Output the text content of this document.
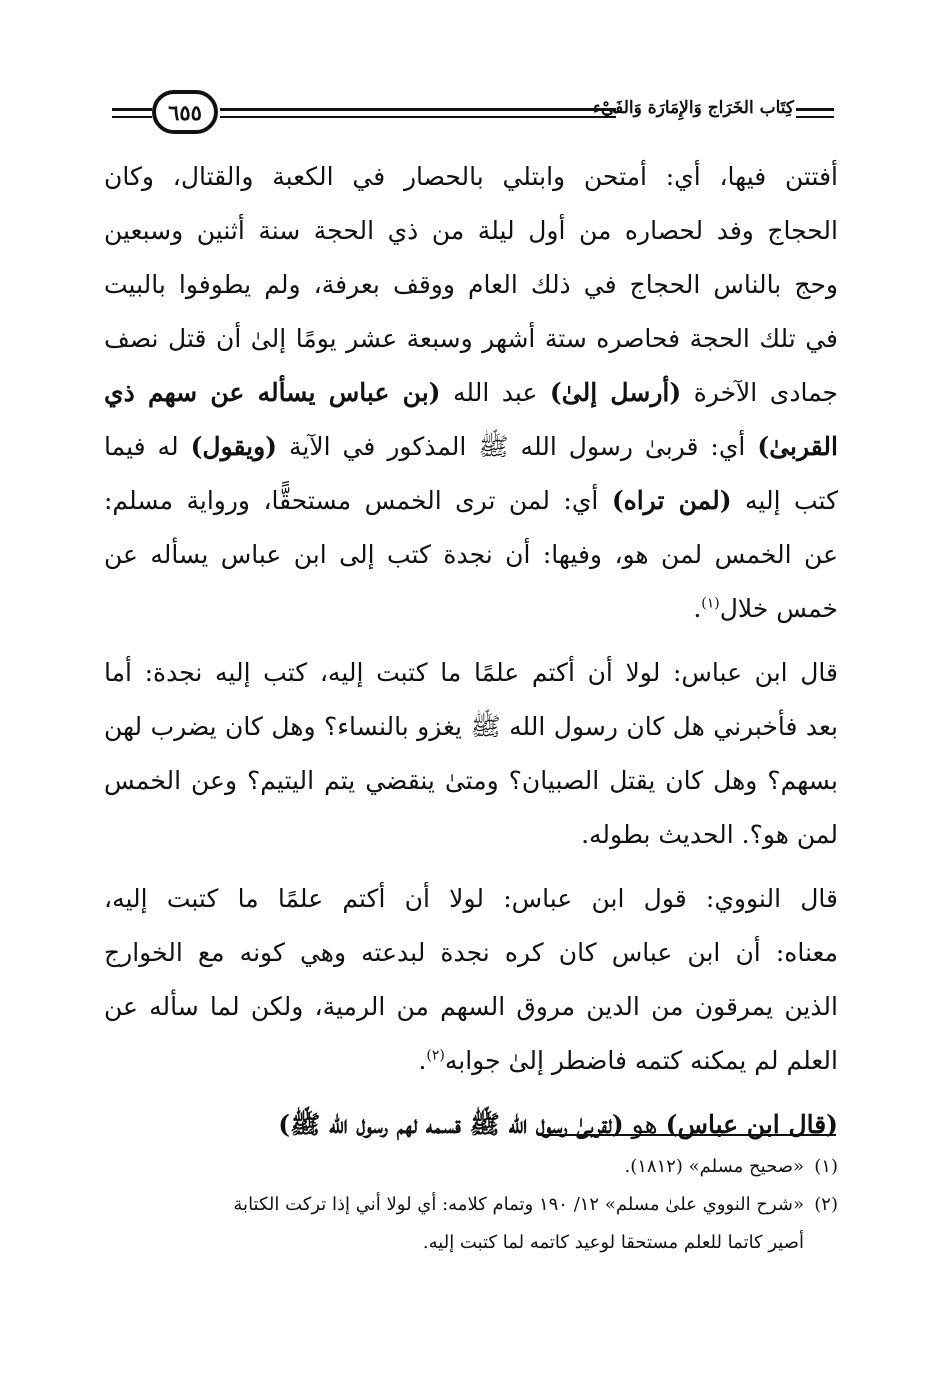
٦٥٥	كِتَاب الخَرَاج وَالإِمَارَة وَالفَيْء
أفتتن فيها، أي: أمتحن وابتلي بالحصار في الكعبة والقتال، وكان
الحجاج وفد لحصاره من أول ليلة من ذي الحجة سنة أثنين وسبعين
وحج بالناس الحجاج في ذلك العام ووقف بعرفة، ولم يطوفوا بالبيت
في تلك الحجة فحاصره ستة أشهر وسبعة عشر يومًا إلىٰ أن قتل نصف
جمادى الآخرة (أرسل إلىٰ) عبد الله (بن عباس يسأله عن سهم ذي
القربىٰ) أي: قربىٰ رسول الله ﷺ المذكور في الآية (ويقول) له فيما
كتب إليه (لمن تراه) أي: لمن ترى الخمس مستحقًّا، ورواية مسلم:
عن الخمس لمن هو، وفيها: أن نجدة كتب إلى ابن عباس يسأله عن
خمس خلال$^{(١)}$.
قال ابن عباس: لولا أن أكتم علمًا ما كتبت إليه، كتب إليه نجدة: أما
بعد فأخبرني هل كان رسول الله ﷺ يغزو بالنساء؟ وهل كان يضرب لهن
بسهم؟ وهل كان يقتل الصبيان؟ ومتىٰ ينقضي يتم اليتيم؟ وعن الخمس
لمن هو؟. الحديث بطوله.
قال النووي: قول ابن عباس: لولا أن أكتم علمًا ما كتبت إليه،
معناه: أن ابن عباس كان كره نجدة لبدعته وهي كونه مع الخوارج
الذين يمرقون من الدين مروق السهم من الرمية، ولكن لما سأله عن
العلم لم يمكنه كتمه فاضطر إلىٰ جوابه$^{(٢)}$.
(قال ابن عباس) هو (لقربىٰ رسول الله ﷺ قسمه لهم رسول الله ﷺ)
(١)«صحيح مسلم» (١٨١٢).
(٢)«شرح النووي علىٰ مسلم» ١٢/ ١٩٠ وتمام كلامه: أي لولا أني إذا تركت الكتابة
أصير كاتما للعلم مستحقا لوعيد كاتمه لما كتبت إليه.
